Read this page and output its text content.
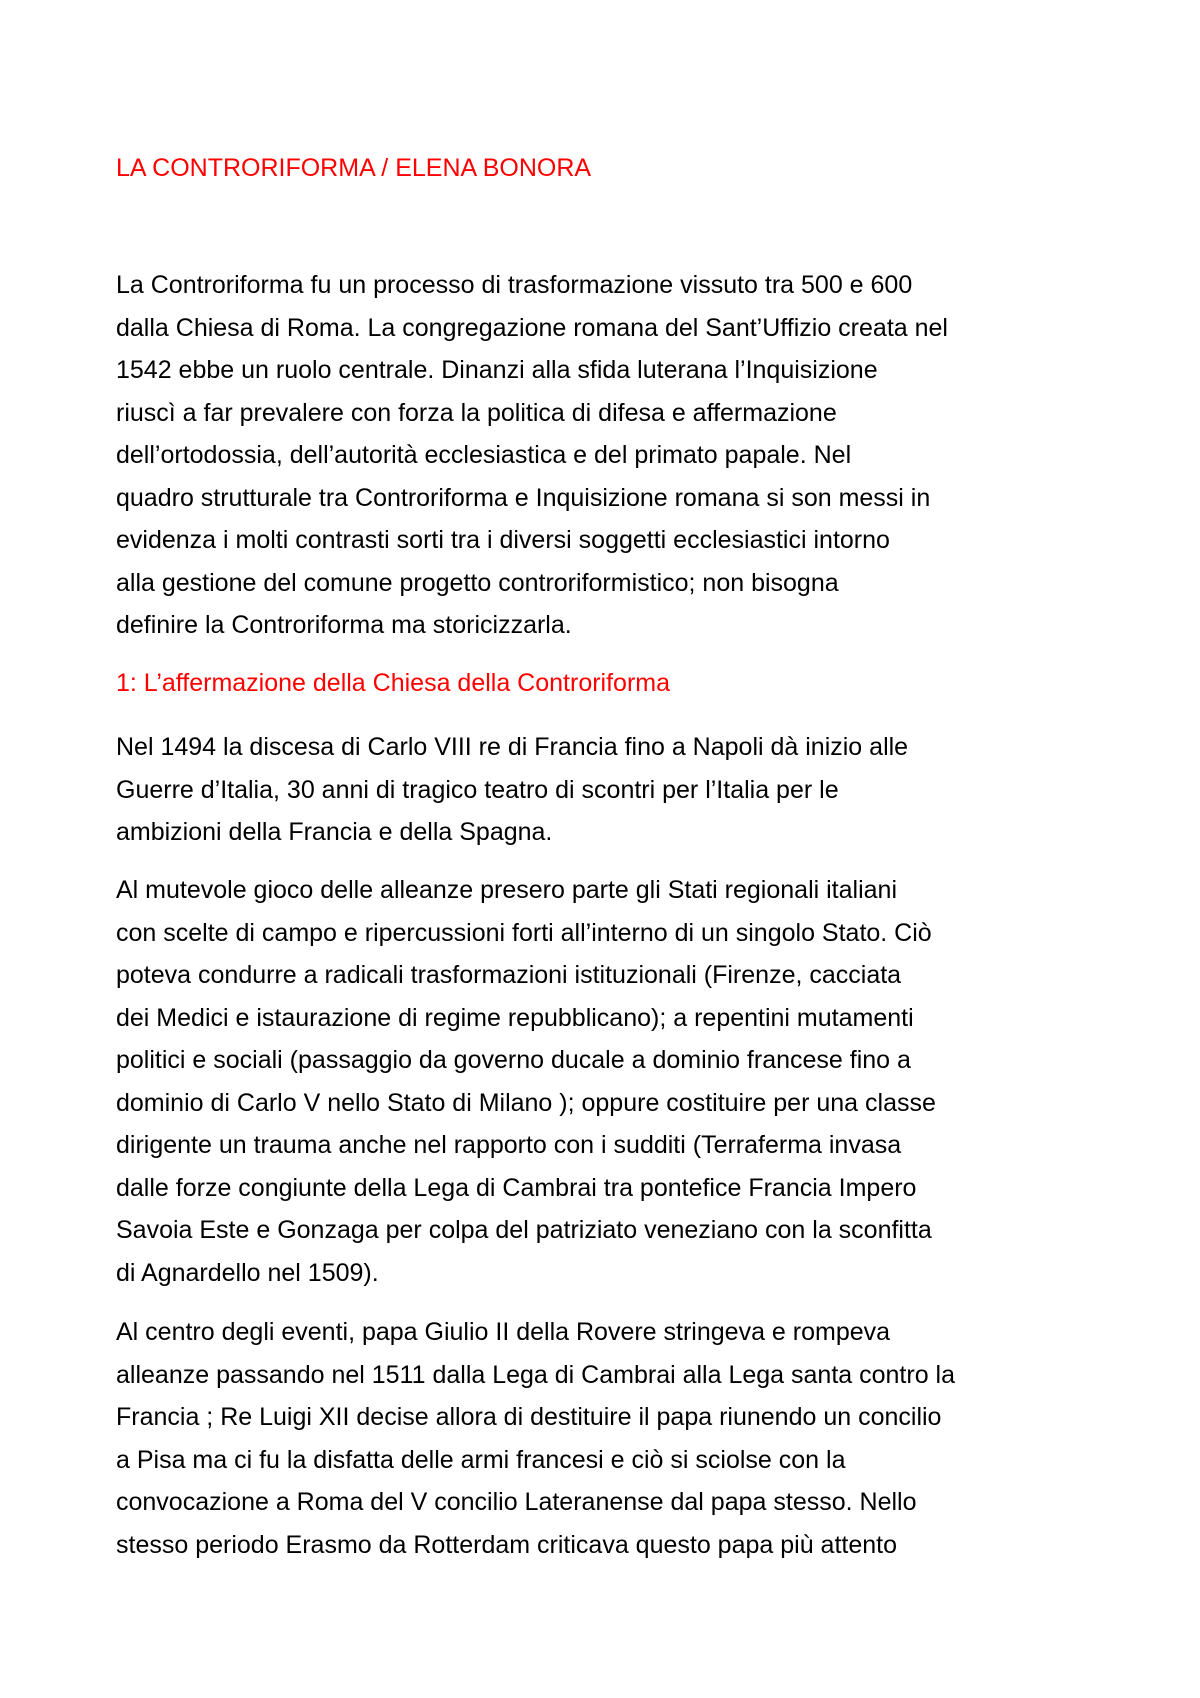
LA CONTRORIFORMA / ELENA BONORA
La Controriforma fu un processo di trasformazione vissuto tra 500 e 600
dalla Chiesa di Roma. La congregazione romana del Sant’Uffizio creata nel
1542 ebbe un ruolo centrale. Dinanzi alla sfida luterana l’Inquisizione
riuscì a far prevalere con forza la politica di difesa e affermazione
dell’ortodossia, dell’autorità ecclesiastica e del primato papale. Nel
quadro strutturale tra Controriforma e Inquisizione romana si son messi in
evidenza i molti contrasti sorti tra i diversi soggetti ecclesiastici intorno
alla gestione del comune progetto controriformistico; non bisogna
definire la Controriforma ma storicizzarla.
1: L’affermazione della Chiesa della Controriforma
Nel 1494 la discesa di Carlo VIII re di Francia fino a Napoli dà inizio alle
Guerre d’Italia, 30 anni di tragico teatro di scontri per l’Italia per le
ambizioni della Francia e della Spagna.
Al mutevole gioco delle alleanze presero parte gli Stati regionali italiani
con scelte di campo e ripercussioni forti all’interno di un singolo Stato. Ciò
poteva condurre a radicali trasformazioni istituzionali (Firenze, cacciata
dei Medici e istaurazione di regime repubblicano); a repentini mutamenti
politici e sociali (passaggio da governo ducale a dominio francese fino a
dominio di Carlo V nello Stato di Milano ); oppure costituire per una classe
dirigente un trauma anche nel rapporto con i sudditi (Terraferma invasa
dalle forze congiunte della Lega di Cambrai tra pontefice Francia Impero
Savoia Este e Gonzaga per colpa del patriziato veneziano con la sconfitta
di Agnardello nel 1509).
Al centro degli eventi, papa Giulio II della Rovere stringeva e rompeva
alleanze passando nel 1511 dalla Lega di Cambrai alla Lega santa contro la
Francia ; Re Luigi XII decise allora di destituire il papa riunendo un concilio
a Pisa ma ci fu la disfatta delle armi francesi e ciò si sciolse con la
convocazione a Roma del V concilio Lateranense dal papa stesso. Nello
stesso periodo Erasmo da Rotterdam criticava questo papa più attento
